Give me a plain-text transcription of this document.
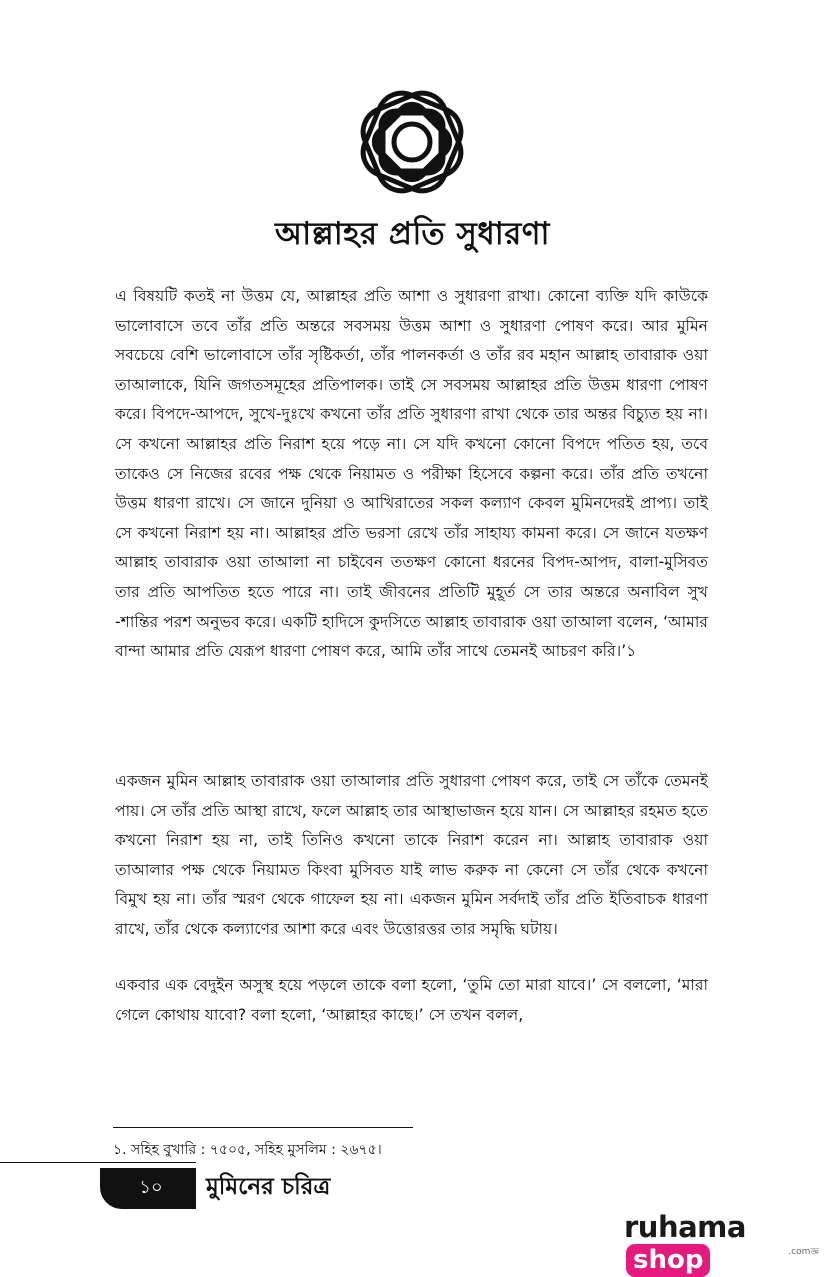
আল্লাহর প্রতি সুধারণা
এ বিষয়টি কতই না উত্তম যে, আল্লাহর প্রতি আশা ও সুধারণা রাখা। কোনো ব্যক্তি যদি কাউকে ভালোবাসে তবে তাঁর প্রতি অন্তরে সবসময় উত্তম আশা ও সুধারণা পোষণ করে। আর মুমিন সবচেয়ে বেশি ভালোবাসে তাঁর সৃষ্টিকর্তা, তাঁর পালনকর্তা ও তাঁর রব মহান আল্লাহ তাবারাক ওয়া তাআলাকে, যিনি জগতসমূহের প্রতিপালক। তাই সে সবসময় আল্লাহর প্রতি উত্তম ধারণা পোষণ করে। বিপদে-আপদে, সুখে-দুঃখে কখনো তাঁর প্রতি সুধারণা রাখা থেকে তার অন্তর বিচ্যুত হয় না। সে কখনো আল্লাহর প্রতি নিরাশ হয়ে পড়ে না। সে যদি কখনো কোনো বিপদে পতিত হয়, তবে তাকেও সে নিজের রবের পক্ষ থেকে নিয়ামত ও পরীক্ষা হিসেবে কল্পনা করে। তাঁর প্রতি তখনো উত্তম ধারণা রাখে। সে জানে দুনিয়া ও আখিরাতের সকল কল্যাণ কেবল মুমিনদেরই প্রাপ্য। তাই সে কখনো নিরাশ হয় না। আল্লাহর প্রতি ভরসা রেখে তাঁর সাহায্য কামনা করে। সে জানে যতক্ষণ আল্লাহ তাবারাক ওয়া তাআলা না চাইবেন ততক্ষণ কোনো ধরনের বিপদ-আপদ, বালা-মুসিবত তার প্রতি আপতিত হতে পারে না। তাই জীবনের প্রতিটি মুহূর্ত সে তার অন্তরে অনাবিল সুখ -শান্তির পরশ অনুভব করে। একটি হাদিসে কুদসিতে আল্লাহ তাবারাক ওয়া তাআলা বলেন, ‘আমার বান্দা আমার প্রতি যেরূপ ধারণা পোষণ করে, আমি তাঁর সাথে তেমনই আচরণ করি।’১
একজন মুমিন আল্লাহ তাবারাক ওয়া তাআলার প্রতি সুধারণা পোষণ করে, তাই সে তাঁকে তেমনই পায়। সে তাঁর প্রতি আস্থা রাখে, ফলে আল্লাহ তার আস্থাভাজন হয়ে যান। সে আল্লাহর রহমত হতে কখনো নিরাশ হয় না, তাই তিনিও কখনো তাকে নিরাশ করেন না। আল্লাহ তাবারাক ওয়া তাআলার পক্ষ থেকে নিয়ামত কিংবা মুসিবত যাই লাভ করুক না কেনো সে তাঁর থেকে কখনো বিমুখ হয় না। তাঁর স্মরণ থেকে গাফেল হয় না। একজন মুমিন সর্বদাই তাঁর প্রতি ইতিবাচক ধারণা রাখে, তাঁর থেকে কল্যাণের আশা করে এবং উত্তোরত্তর তার সমৃদ্ধি ঘটায়।
একবার এক বেদুইন অসুস্থ হয়ে পড়লে তাকে বলা হলো, ‘তুমি তো মারা যাবে।’ সে বললো, ‘মারা গেলে কোথায় যাবো? বলা হলো, ‘আল্লাহর কাছে।’ সে তখন বলল,
১. সহিহ বুখারি : ৭৫০৫, সহিহ মুসলিম : ২৬৭৫।
১০	মুমিনের চরিত্র
ruhamashop	.comজ্ঞ
